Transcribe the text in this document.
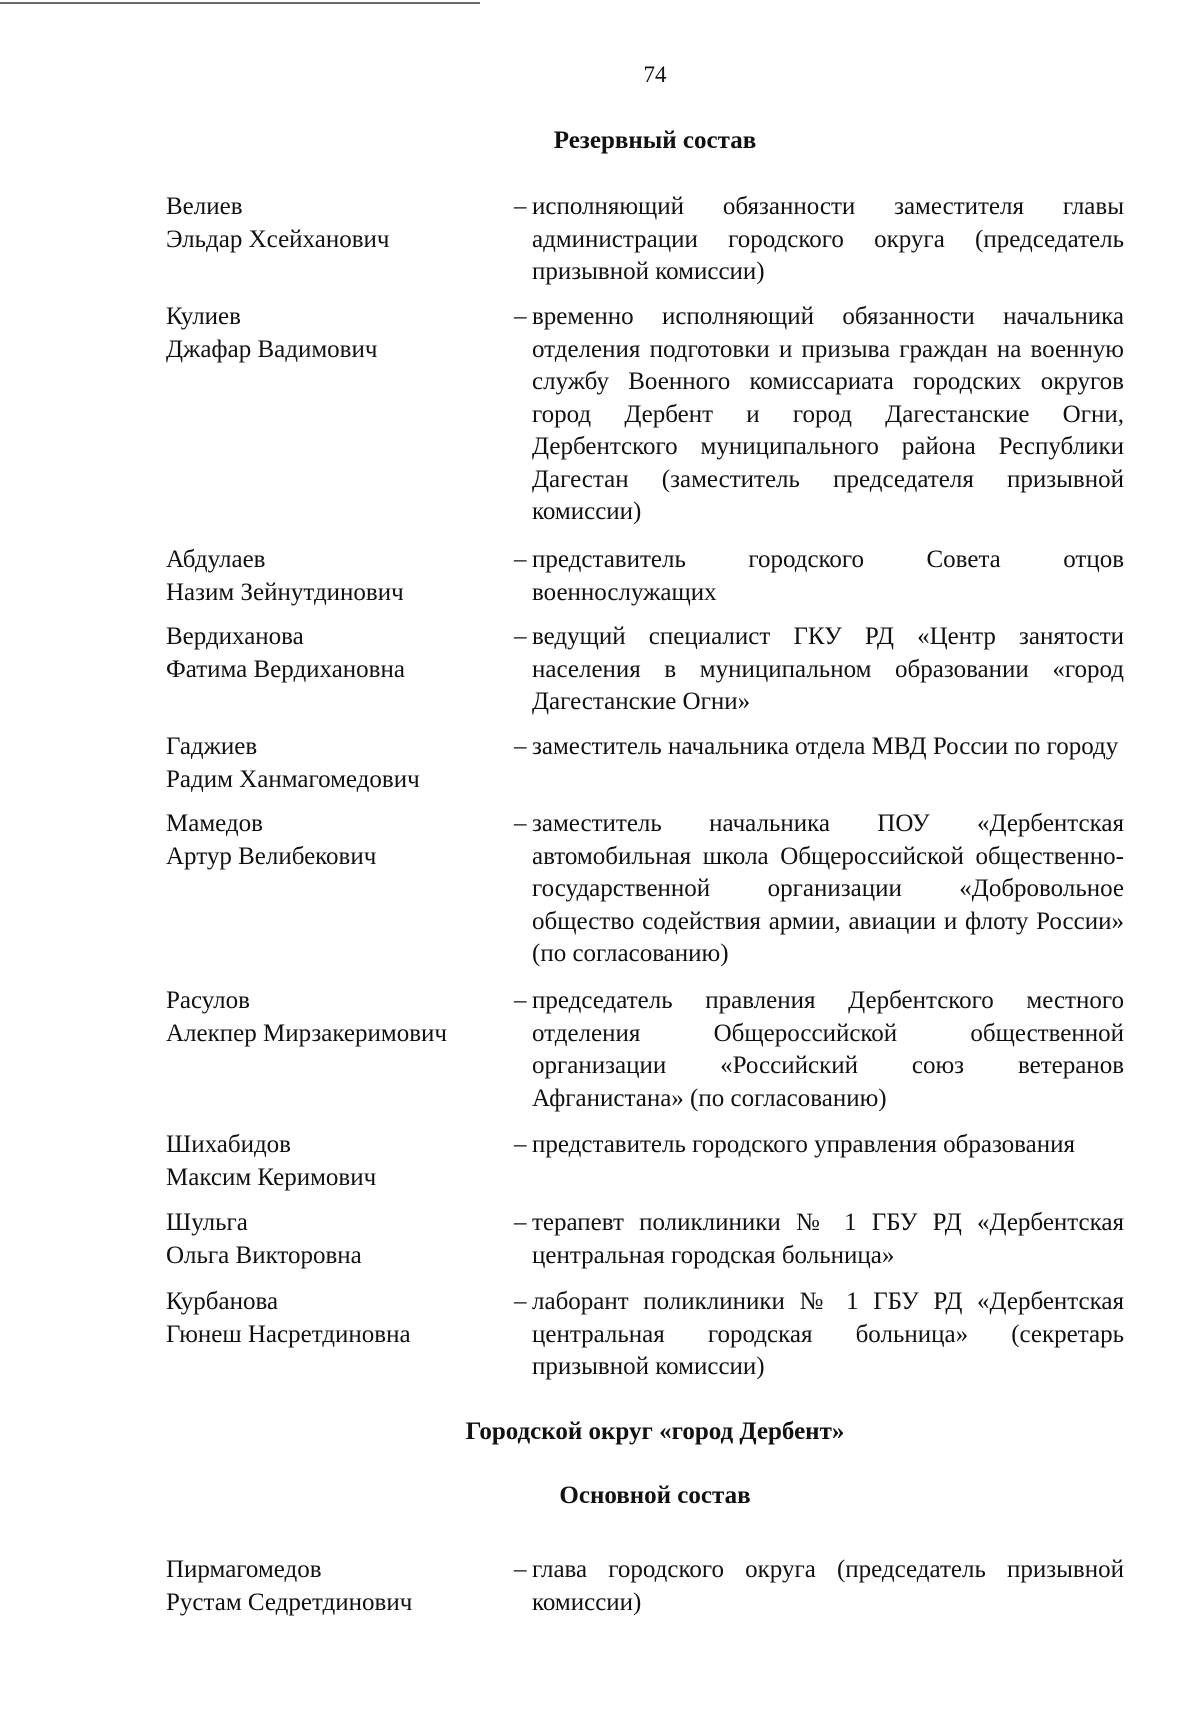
74
Резервный состав
Велиев
Эльдар Хсейханович
– исполняющий обязанности заместителя главы администрации городского округа (председатель призывной комиссии)
Кулиев
Джафар Вадимович
– временно исполняющий обязанности начальника отделения подготовки и призыва граждан на военную службу Военного комиссариата городских округов город Дербент и город Дагестанские Огни, Дербентского муниципального района Республики Дагестан (заместитель председателя призывной комиссии)
Абдулаев
Назим Зейнутдинович
– представитель городского Совета отцов военнослужащих
Вердиханова
Фатима Вердихановна
– ведущий специалист ГКУ РД «Центр занятости населения в муниципальном образовании «город Дагестанские Огни»
Гаджиев
Радим Ханмагомедович
– заместитель начальника отдела МВД России по городу
Мамедов
Артур Велибекович
– заместитель начальника ПОУ «Дербентская автомобильная школа Общероссийской общественно-государственной организации «Добровольное общество содействия армии, авиации и флоту России» (по согласованию)
Расулов
Алекпер Мирзакеримович
– председатель правления Дербентского местного отделения Общероссийской общественной организации «Российский союз ветеранов Афганистана» (по согласованию)
Шихабидов
Максим Керимович
– представитель городского управления образования
Шульга
Ольга Викторовна
– терапевт поликлиники № 1 ГБУ РД «Дербентская центральная городская больница»
Курбанова
Гюнеш Насретдиновна
– лаборант поликлиники № 1 ГБУ РД «Дербентская центральная городская больница» (секретарь призывной комиссии)
Городской округ «город Дербент»
Основной состав
Пирмагомедов
Рустам Седретдинович
– глава городского округа (председатель призывной комиссии)
